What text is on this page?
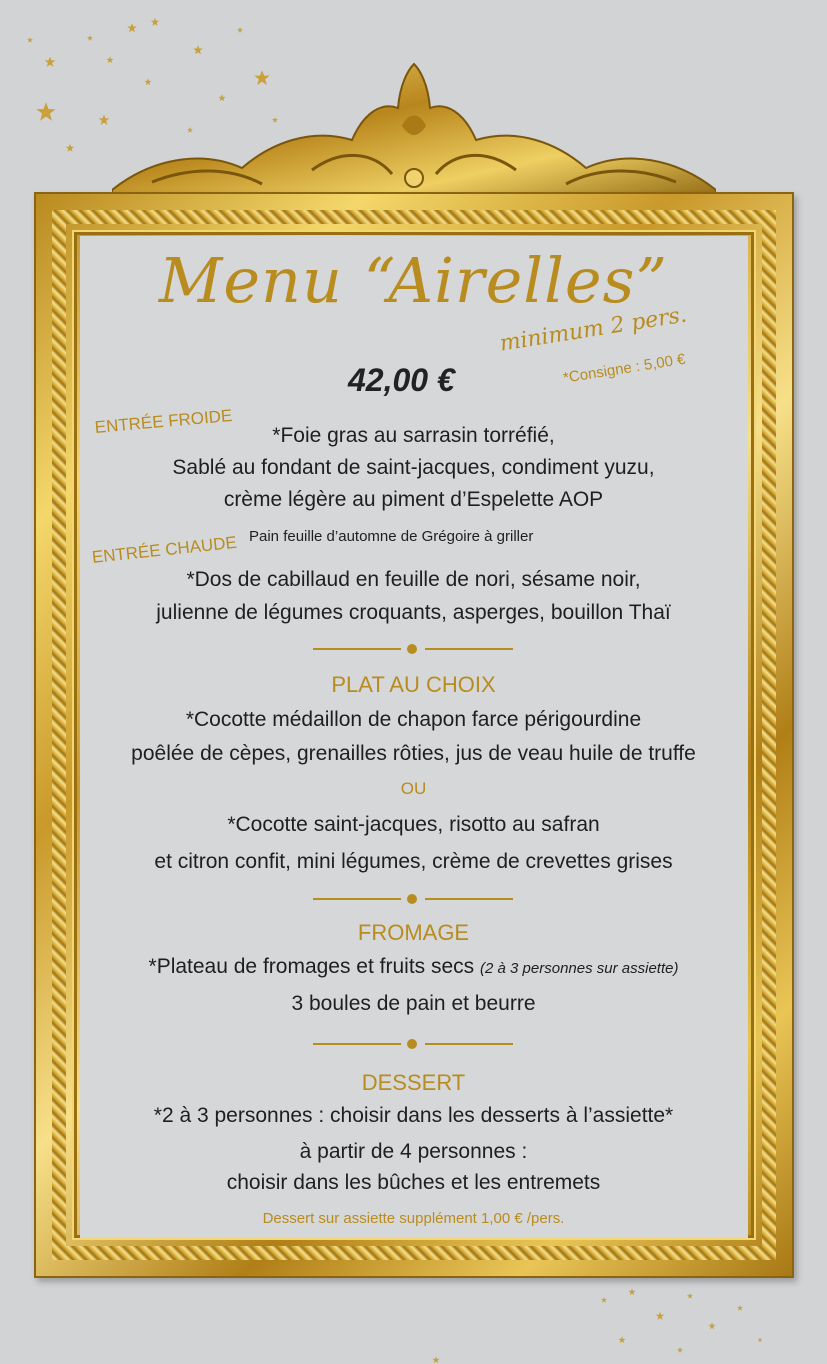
Menu “Airelles”
42,00 €
minimum 2 pers.
*Consigne : 5,00 €
ENTRÉE FROIDE	*Foie gras au sarrasin torréfié,
Sablé au fondant de saint-jacques, condiment yuzu,
crème légère au piment d’Espelette AOP
Pain feuille d’automne de Grégoire à griller
ENTRÉE CHAUDE
*Dos de cabillaud en feuille de nori, sésame noir,
julienne de légumes croquants, asperges, bouillon Thaï
PLAT AU CHOIX
*Cocotte médaillon de chapon farce périgourdine
poêlée de cèpes, grenailles rôties, jus de veau huile de truffe
OU
*Cocotte saint-jacques, risotto au safran
et citron confit, mini légumes, crème de crevettes grises
FROMAGE
*Plateau de fromages et fruits secs (2 à 3 personnes sur assiette)
3 boules de pain et beurre
DESSERT
*2 à 3 personnes : choisir dans les desserts à l’assiette*
à partir de 4 personnes :
choisir dans les bûches et les entremets
Dessert sur assiette supplément 1,00 € /pers.
